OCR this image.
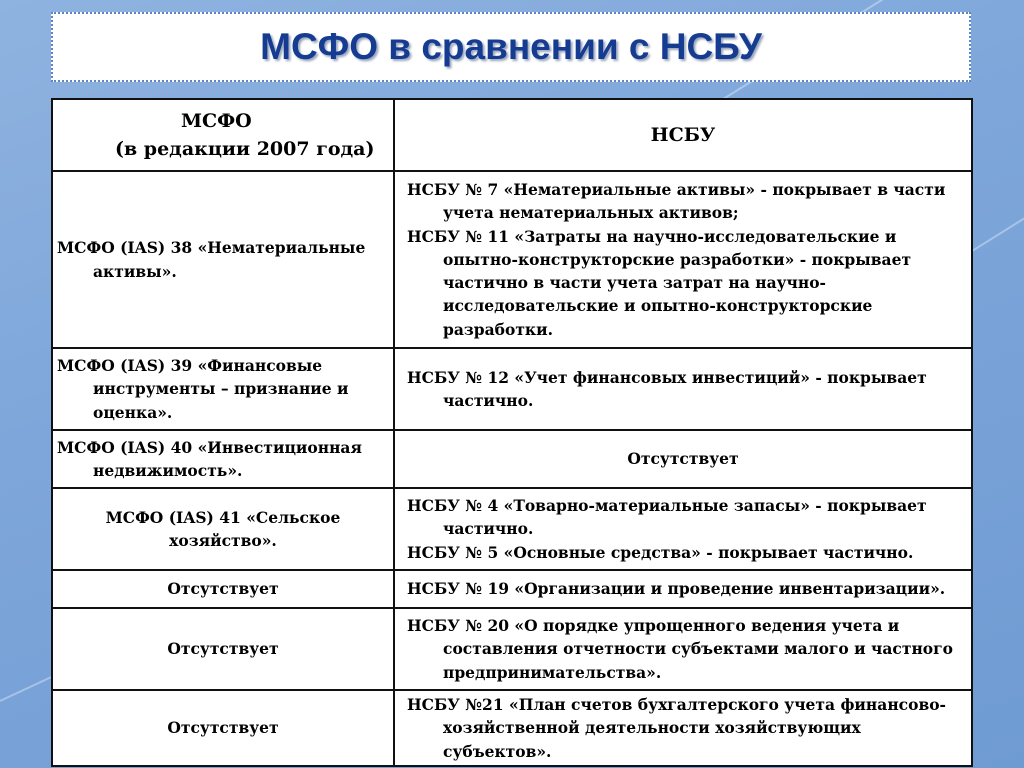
МСФО в сравнении с НСБУ
МСФО
(в редакции 2007 года)	НСБУ
МСФО (IAS) 38 «Нематериальные активы».	НСБУ № 7 «Нематериальные активы» - покрывает в части учета нематериальных активов;
НСБУ № 11 «Затраты на научно-исследовательские и опытно-конструкторские разработки» - покрывает частично в части учета затрат на научно-исследовательские и опытно-конструкторские разработки.

МСФО (IAS) 39 «Финансовые инструменты – признание и оценка».	НСБУ № 12 «Учет финансовых инвестиций» - покрывает частично.

МСФО (IAS) 40 «Инвестиционная недвижимость».	Отсутствует
МСФО (IAS) 41 «Сельское хозяйство».	НСБУ № 4 «Товарно-материальные запасы» - покрывает частично.
НСБУ № 5 «Основные средства» - покрывает частично.

Отсутствует	НСБУ № 19 «Организации и проведение инвентаризации».

Отсутствует	НСБУ № 20 «О порядке упрощенного ведения учета и составления отчетности субъектами малого и частного предпринимательства».

Отсутствует	НСБУ №21 «План счетов бухгалтерского учета финансово-хозяйственной деятельности хозяйствующих субъектов».
